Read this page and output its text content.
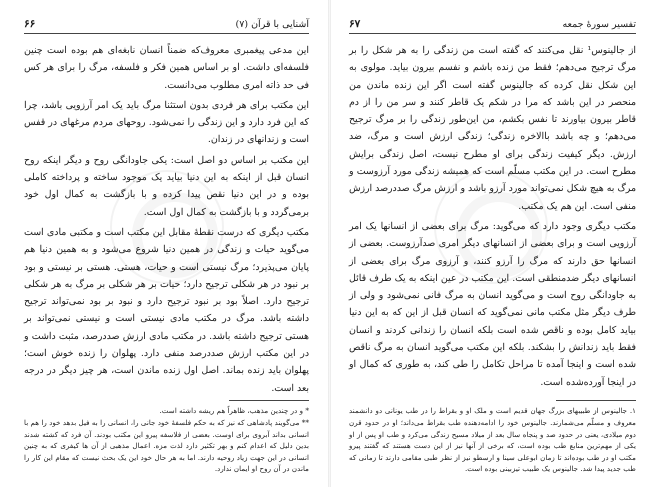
آشنایی با قرآن (۷)
۶۶

این مدعی پیغمبری معروف‌که ضمناً انسان نابغه‌ای هم بوده است چنین فلسفه‌ای داشت. او بر اساس همین فکر و فلسفه، مرگ را برای هر کس فی حد ذاته امری مطلوب می‌دانست.

این مکتب برای هر فردی بدون استثنا مرگ باید یک امر آرزویی باشد، چرا که این فرد دارد و این زندگی را نمی‌شود. روحهای مردم مرغهای در قفس است و زندانهای در زندان.

این مکتب بر اساس دو اصل است: یکی جاودانگی روح و دیگر اینکه روح انسان قبل از اینکه به این دنیا بیاید یک موجود ساخته و پرداخته کاملی بوده و در این دنیا نقص پیدا کرده و با بازگشت به کمال اول خود برمی‌گردد و با بازگشت به کمال اول است.

مکتب دیگری که درست نقطهٔ مقابل این مکتب است و مکتبی مادی است می‌گوید حیات و زندگی در همین دنیا شروع می‌شود و به همین دنیا هم پایان می‌پذیرد؛ مرگ نیستی است و حیات، هستی. هستی بر نیستی و بود بر نبود در هر شکلی ترجیح دارد؛ حیات بر هر شکلی بر مرگ به هر شکلی ترجیح دارد. اصلاً بود بر نبود ترجیح دارد و نبود بر بود نمی‌تواند ترجیح داشته باشد. مرگ در مکتب مادی نیستی است و نیستی نمی‌تواند بر هستی ترجیح داشته باشد. در مکتب مادی ارزش صددرصد، مثبت داشت و در این مکتب ارزش صددرصد منفی دارد. پهلوان را زنده خوش است؛ پهلوان باید زنده بماند. اصل اول زنده ماندن است، هر چیز دیگر در درجه بعد است.

* و در چندین مذهب، ظاهراً هم ریشه داشته است.

** می‌گویند پادشاهی که نیز که به حکم فلسفهٔ خود جانی را، انسانی را به فیل بدهد خود را هم با انسانی بداند آبروی برای اوست. بعضی از فلاسفه پیرو این مکتب بودند. آن فرد که کشته شدند بدین دلیل که اعدام کنم و بهر تکثیر دارد لذت مزه. اعمال مذهبی از آن ها کیفری که به چنین انسانی در این جهت زیاد روحیه دارند. اما به هر حال خود این یک بحث نیست که مقام این کار را ماندن در آن روح او ایمان ندارد.

تفسیر سورهٔ جمعه
۶۷

از جالینوس¹ نقل می‌کنند که گفته است من زندگی را به هر شکل را بر مرگ ترجیح می‌دهم؛ فقط من زنده باشم و نفسم بیرون بیاید. مولوی به این شکل نقل کرده که جالینوس گفته است اگر این زنده ماندن من منحصر در این باشد که مرا در شکم یک قاطر کنند و سر من را از دم قاطر بیرون بیاورند تا نفس بکشم، من این‌طور زندگی را بر مرگ ترجیح می‌دهم؛ و چه باشد باالاخره زندگی؛ زندگی ارزش است و مرگ، ضد ارزش. دیگر کیفیت زندگی برای او مطرح نیست، اصل زندگی برایش مطرح است. در این مکتب مسلّم است که همیشه زندگی مورد آرزوست و مرگ به هیچ شکل نمی‌تواند مورد آرزو باشد و ارزش مرگ صددرصد ارزش منفی است. این هم یک مکتب.

مکتب دیگری وجود دارد که می‌گوید: مرگ برای بعضی از انسانها یک امر آرزویی است و برای بعضی از انسانهای دیگر امری صدآرزوست. بعضی از انسانها حق دارند که مرگ را آرزو کنند، و آرزوی مرگ برای بعضی از انسانهای دیگر ضدمنطقی است. این مکتب در عین اینکه به یک طرف قائل به جاودانگی روح است و می‌گوید انسان به مرگ فانی نمی‌شود و ولی از طرف دیگر مثل مکتب مانی نمی‌گوید که انسان قبل از این که به این دنیا بیاید کامل بوده و ناقص شده است بلکه انسان را زندانی کردند و انسان فقط باید زندانش را بشکند. بلکه این مکتب می‌گوید انسان به مرگ ناقص شده است و اینجا آمده تا مراحل تکامل را طی کند، به طوری که کمال او در اینجا آورده‌شده است.

۱. جالینوس از طبیبهای بزرگ جهان قدیم است و ملک او و بقراط را در طب یونانی دو دانشمند معروف و مسلّم می‌شمارند. جالینوس خود را ادامه‌دهنده طب بقراط می‌داند؛ او در حدود قرن دوم میلادی، یعنی در حدود صد و پنجاه سال بعد از میلاد مسیح زندگی می‌کرد و طب او پس از او یکی از مهم‌ترین منابع طب بوده است، که برخی از آنها نیز از این دست هستند که گفتند پیرو مکتب او در طب بوده‌اند تا زمان ابوعلی سینا و ارسطو نیز از نظر طبی مقامی دارند تا زمانی که طب جدید پیدا شد. جالینوس یک طبیب تیزبینی بوده است.
